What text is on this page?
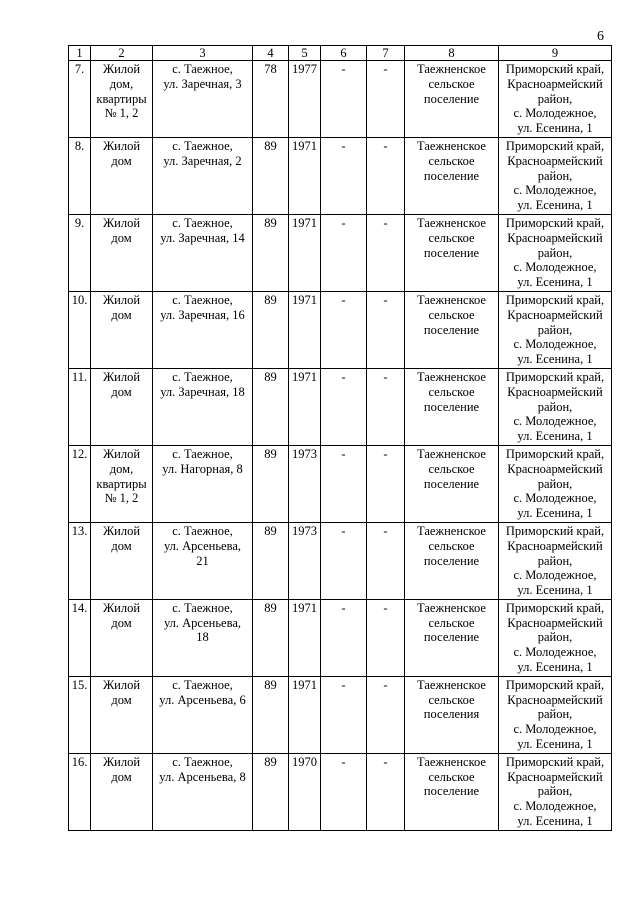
6
1	2	3	4	5	6	7	8	9
7.	Жилой
дом,
квартиры
№ 1, 2	с. Таежное,
ул. Заречная, 3	78	1977	-	-	Таежненское
сельское
поселение	Приморский край,
Красноармейский
район,
с. Молодежное,
ул. Есенина, 1

8.	Жилой
дом	с. Таежное,
ул. Заречная, 2	89	1971	-	-	Таежненское
сельское
поселение	Приморский край,
Красноармейский
район,
с. Молодежное,
ул. Есенина, 1

9.	Жилой
дом	с. Таежное,
ул. Заречная, 14	89	1971	-	-	Таежненское
сельское
поселение	Приморский край,
Красноармейский
район,
с. Молодежное,
ул. Есенина, 1

10.	Жилой
дом	с. Таежное,
ул. Заречная, 16	89	1971	-	-	Таежненское
сельское
поселение	Приморский край,
Красноармейский
район,
с. Молодежное,
ул. Есенина, 1

11.	Жилой
дом	с. Таежное,
ул. Заречная, 18	89	1971	-	-	Таежненское
сельское
поселение	Приморский край,
Красноармейский
район,
с. Молодежное,
ул. Есенина, 1

12.	Жилой
дом,
квартиры
№ 1, 2	с. Таежное,
ул. Нагорная, 8	89	1973	-	-	Таежненское
сельское
поселение	Приморский край,
Красноармейский
район,
с. Молодежное,
ул. Есенина, 1

13.	Жилой
дом	с. Таежное,
ул. Арсеньева,
21	89	1973	-	-	Таежненское
сельское
поселение	Приморский край,
Красноармейский
район,
с. Молодежное,
ул. Есенина, 1

14.	Жилой
дом	с. Таежное,
ул. Арсеньева,
18	89	1971	-	-	Таежненское
сельское
поселение	Приморский край,
Красноармейский
район,
с. Молодежное,
ул. Есенина, 1

15.	Жилой
дом	с. Таежное,
ул. Арсеньева, 6	89	1971	-	-	Таежненское
сельское
поселения	Приморский край,
Красноармейский
район,
с. Молодежное,
ул. Есенина, 1

16.	Жилой
дом	с. Таежное,
ул. Арсеньева, 8	89	1970	-	-	Таежненское
сельское
поселение	Приморский край,
Красноармейский
район,
с. Молодежное,
ул. Есенина, 1
